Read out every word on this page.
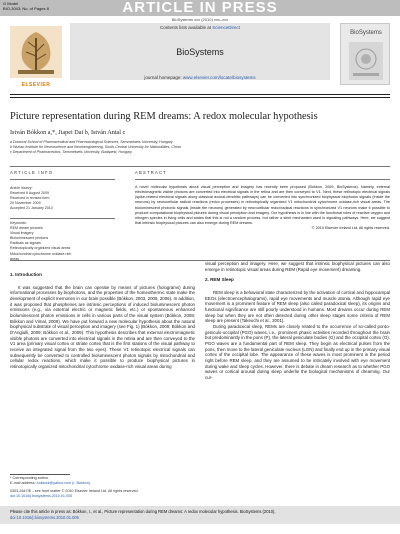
G Model
BIO-3043; No. of Pages 8	ARTICLE IN PRESS
BioSystems xxx (2010) xxx–xxx
ELSEVIER
Contents lists available at ScienceDirect
BioSystems
journal homepage: www.elsevier.com/locate/biosystems
BioSystems
Picture representation during REM dreams: A redox molecular hypothesis
István Bókkon a,*, Jiapei Dai b, István Antal c
a Doctoral School of Pharmaceutical and Pharmacological Sciences, Semmelweis University, Hungary
b Wuhan Institute for Neuroscience and Neuroengineering, South-Central University for Nationalities, China
c Department of Pharmaceutics, Semmelweis University, Budapest, Hungary
ARTICLE INFO	ABSTRACT
Article history:
Received 6 August 2009
Received in revised form
20 November 2009
Accepted 21 January 2010
Keywords:
REM dream pictures
Visual imagery
Bioluminescent photons
Radicals as signals
Retinotopically organized visual areas
Mitochondrial cytochrome oxidase-rich
areas
A novel molecular hypothesis about visual perception and imagery has recently been proposed (Bókkon, 2009, BioSystems). Namely, external electromagnetic visible photons are converted into electrical signals in the retina and are then conveyed to V1. Next, these retinotopic electrical signals (spike-related electrical signals along classical axonal-dendritic pathways) can be converted into synchronized biophysical biophoton signals (inside the neurons) by neurocellular radical reactions (redox processes) in retinotopically organized V1 mitochondrial cytochrome oxidase-rich visual areas. The bioluminescent photonic signals (inside the neurons) generated by neurocellular redox/radical reactions in synchronized V1 neurons make it possible to produce computational biophysical pictures during visual perception and imagery. Our hypothesis is in line with the functional roles of reactive oxygen and nitrogen species in living cells and states that this is not a random process, but rather a strict mechanism used in signaling pathways. Here, we suggest that intrinsic biophysical pictures can also emerge during REM dreams.
© 2010 Elsevier Ireland Ltd. All rights reserved.
1. Introduction

It was suggested that the brain can operate by means of pictures (holograms) during informational processes by biophotons, and the properties of the homeothermic state make the development of explicit memories in our brain possible (Bókkon, 2003, 2005, 2006). In addition, it was proposed that phosphenes are intrinsic perceptions of induced bioluminescent photon emissions (e.g., via external electric or magnetic fields, etc.) or spontaneous enhanced bioluminescent photon emissions in cells in various parts of the visual system (Bókkon, 2008; Bókkon and Vimal, 2009). We have put forward a new molecular hypothesis about the natural biophysical substrate of visual perception and imagery (see Fig. 1) (Bókkon, 2009; Bókkon and D'Angiulli, 2009; Bókkon et al., 2009). This hypothesis describes that external electromagnetic visible photons are converted into electrical signals in the retina and are then conveyed to the V1 area (primary visual cortex or striate cortex that is the first stations of the visual pathway to receive an integrated signal from the two eyes). These V1 retinotopic electrical signals can subsequently be converted to controlled bioluminescent photon signals by mitochondrial and cellular redox reactions, which make it possible to produce biophysical pictures in retinotopically organized mitochondrial cytochrome oxidase-rich visual areas during

visual perception and imagery. Here, we suggest that intrinsic biophysical pictures can also emerge in retinotopic visual areas during REM (Rapid eye movement) dreaming.

2. REM Sleep

REM sleep is a behavioral state characterized by the activation of cortical and hippocampal EEGs (electroencephalograms), rapid eye movements and muscle atonia. Although rapid eye movement is a prominent feature of REM sleep (also called paradoxical sleep), its origins and functional significance are still poorly understood in humans. Most dreams occur during REM sleep but when they are not often detected during other sleep stages some criteria of REM sleep are present (Takeuchi et al., 2001).

During paradoxical sleep, REMs are closely related to the occurrence of so-called ponto-geniculo-occipital (PGO) waves, i.e., prominent phasic activities recorded throughout the brain but predominantly in the pons (P), the lateral geniculate bodies (G) and the occipital cortex (O). PGO waves are a fundamental part of REM sleep. They begin as electrical pulses from the pons, then move to the lateral geniculate nucleus (LGN) and finally end up in the primary visual cortex of the occipital lobe. The appearance of these waves is most prominent in the period right before REM sleep, and they are assumed to be intricately involved with eye movement during wake and sleep cycles. However, there is debate in dream research as to whether PGO waves or cortical arousal during sleep underlie the biological mechanisms of dreaming. Our cur-

* Corresponding author.
E-mail address: bokkoni@yahoo.com (I. Bókkon).
0303-2647/$ – see front matter © 2010 Elsevier Ireland Ltd. All rights reserved.
doi:10.1016/j.biosystems.2010.01.005
Please cite this article in press as: Bókkon, I., et al., Picture representation during REM dreams: A redox molecular hypothesis. BioSystems (2010),
doi:10.1016/j.biosystems.2010.01.005
